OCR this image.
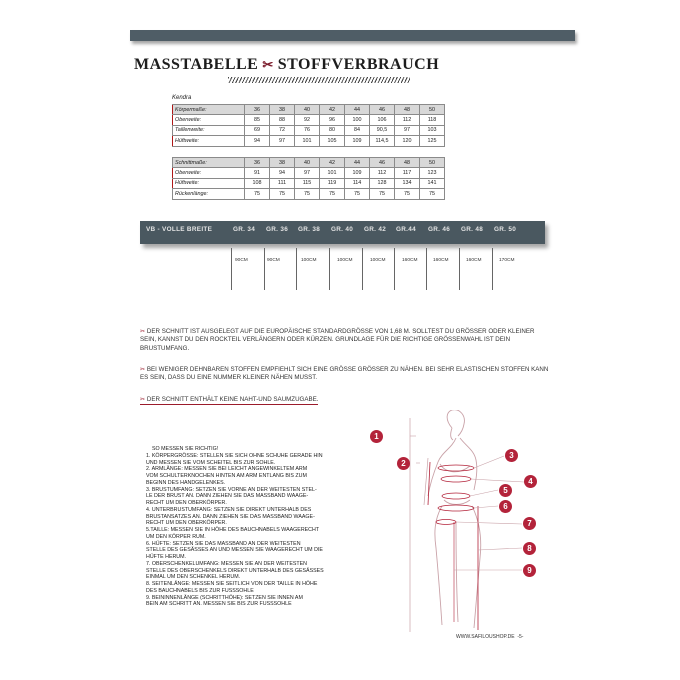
MASSTABELLE ✂ STOFFVERBRAUCH
Kendra
Körpermaße:	36	38	40	42	44	46	48	50
Oberweite:	85	88	92	96	100	106	112	118
Taillenweite:	69	72	76	80	84	90,5	97	103
Hüftweite:	94	97	101	105	109	114,5	120	125
Schnittmaße:	36	38	40	42	44	46	48	50
Oberweite:	91	94	97	101	109	112	117	123
Hüftweite:	108	111	115	119	114	128	134	141
Rückenlänge:	75	75	75	75	75	75	75	75
VB - VOLLE BREITE	GR. 34 GR. 36 GR. 38 GR. 40 GR. 42 GR.44 GR. 46 GR. 48 GR. 50
90CM	90CM	100CM	100CM	100CM	160CM	160CM	160CM	170CM
✂ DER SCHNITT IST AUSGELEGT AUF DIE EUROPÄISCHE STANDARDGRÖSSE VON 1,68 M. SOLLTEST DU GRÖSSER ODER KLEINER SEIN, KANNST DU DEN ROCKTEIL VERLÄNGERN ODER KÜRZEN. GRUNDLAGE FÜR DIE RICHTIGE GRÖSSENWAHL IST DEIN BRUSTUMFANG.
✂ BEI WENIGER DEHNBAREN STOFFEN EMPFIEHLT SICH EINE GRÖSSE GRÖSSER ZU NÄHEN. BEI SEHR ELASTISCHEN STOFFEN KANN ES SEIN, DASS DU EINE NUMMER KLEINER NÄHEN MUSST.
✂ DER SCHNITT ENTHÄLT KEINE NAHT-UND SAUMZUGABE.
SO MESSEN SIE RICHTIG!
1. KÖRPERGRÖSSE: STELLEN SIE SICH OHNE SCHUHE GERADE HIN
UND MESSEN SIE VOM SCHEITEL BIS ZUR SOHLE.
2. ARMLÄNGE: MESSEN SIE BEI LEICHT ANGEWINKELTEM ARM
VOM SCHULTERKNOCHEN HINTEN AM ARM ENTLANG BIS ZUM
BEGINN DES HANDGELENKES.
3. BRUSTUMFANG: SETZEN SIE VORNE AN DER WEITESTEN STEL-
LE DER BRUST AN. DANN ZIEHEN SIE DAS MASSBAND WAAGE-
RECHT UM DEN OBERKÖRPER.
4. UNTERBRUSTUMFANG: SETZEN SIE DIREKT UNTERHALB DES
BRUSTANSATZES AN. DANN ZIEHEN SIE DAS MASSBAND WAAGE-
RECHT UM DEN OBERKÖRPER.
5.TAILLE: MESSEN SIE IN HÖHE DES BAUCHNABELS WAAGERECHT
UM DEN KÖRPER RUM.
6. HÜFTE: SETZEN SIE DAS MASSBAND AN DER WEITESTEN
STELLE DES GESÄSSES AN UND MESSEN SIE WAAGERECHT UM DIE
HÜFTE HERUM.
7. OBERSCHENKELUMFANG: MESSEN SIE AN DER WEITESTEN
STELLE DES OBERSCHENKELS DIREKT UNTERHALB DES GESÄSSES
EINMAL UM DEN SCHENKEL HERUM.
8. SEITENLÄNGE: MESSEN SIE SEITLICH VON DER TAILLE IN HÖHE
DES BAUCHNABELS BIS ZUR FUSSSOHLE
9. BEININNENLÄNGE (SCHRITTHÖHE): SETZEN SIE INNEN AM
BEIN AM SCHRITT AN. MESSEN SIE BIS ZUR FUSSSOHLE
1
2
3
4
5
6
7
8
9
WWW.SAFILOUSHOP.DE -5-
